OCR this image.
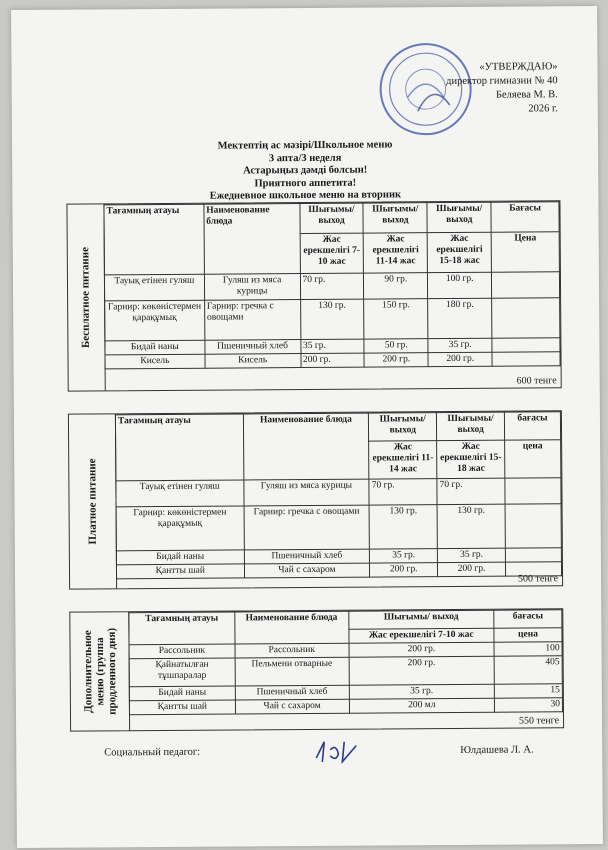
«УТВЕРЖДАЮ»
директор гимназии № 40
Беляева М. В.
2026 г.
Мектептің ас мәзірі/Школьное меню
3 апта/3 неделя
Астарыңыз дәмді болсын!
Приятного аппетита!
Ежедневное школьное меню на вторник
Бесплатное питание
Тағамның атауы	Наименование блюда	Шығымы/ выход	Шығымы/ выход	Шығымы/ выход	Бағасы
		Жас ерекшелігі 7-10 жас	Жас ерекшелігі 11-14 жас	Жас ерекшелігі 15-18 жас	Цена
Тауық етінен гуляш	Гуляш из мяса курицы	70 гр.	90 гр.	100 гр.	
Гарнир: көкөністермен қарақұмық	Гарнир: гречка с овощами	130 гр.	150 гр.	180 гр.	
Бидай наны	Пшеничный хлеб	35 гр.	50 гр.	35 гр.	
Кисель	Кисель	200 гр.	200 гр.	200 гр.	
600 тенге
Платное питание
Тағамның атауы	Наименование блюда	Шығымы/ выход	Шығымы/ выход	бағасы
		Жас ерекшелігі 11-14 жас	Жас ерекшелігі 15-18 жас	цена
Тауық етінен гуляш	Гуляш из мяса курицы	70 гр.	70 гр.	
Гарнир: көкөністермен қарақұмық	Гарнир: гречка с овощами	130 гр.	130 гр.	
Бидай наны	Пшеничный хлеб	35 гр.	35 гр.	
Қантты шай	Чай с сахаром	200 гр.	200 гр.	
500 тенге
Дополнительное меню (группа продленного дня)
Тағамның атауы	Наименование блюда	Шығымы/ выход	бағасы
		Жас ерекшелігі 7-10 жас	цена
Рассольник	Рассольник	200 гр.	100
Қайнатылған тұшпаралар	Пельмени отварные	200 гр.	405
Бидай наны	Пшеничный хлеб	35 гр.	15
Қантты шай	Чай с сахаром	200 мл	30
550 тенге
Социальный педагог:	Юлдашева Л. А.
